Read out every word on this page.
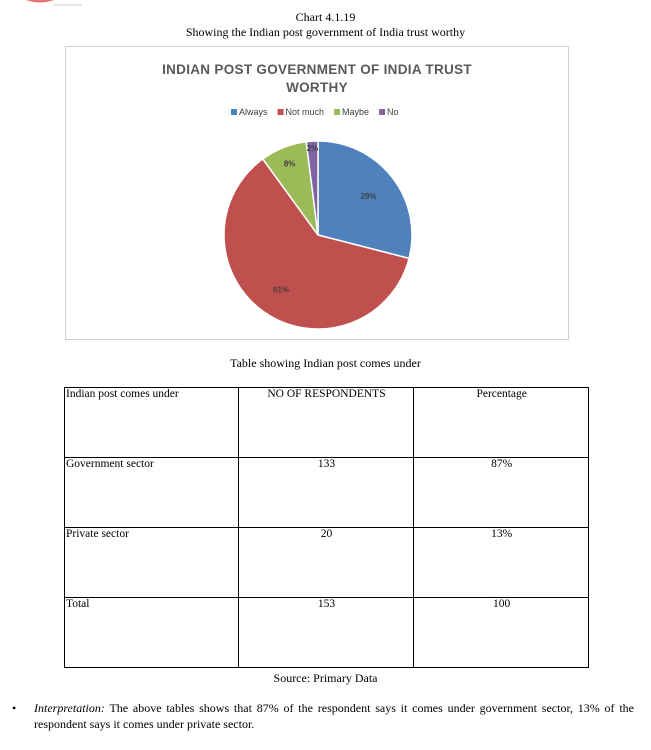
Chart 4.1.19
Showing the Indian post government of India trust worthy
INDIAN POST GOVERNMENT OF INDIA TRUST
WORTHY
Always Not much Maybe No
29%
61%
8%
2%
Table showing Indian post comes under
Indian post comes under	NO OF RESPONDENTS	Percentage
Government sector	133	87%
Private sector	20	13%
Total	153	100
Source: Primary Data
• Interpretation: The above tables shows that 87% of the respondent says it comes under government sector, 13% of the respondent says it comes under private sector.
